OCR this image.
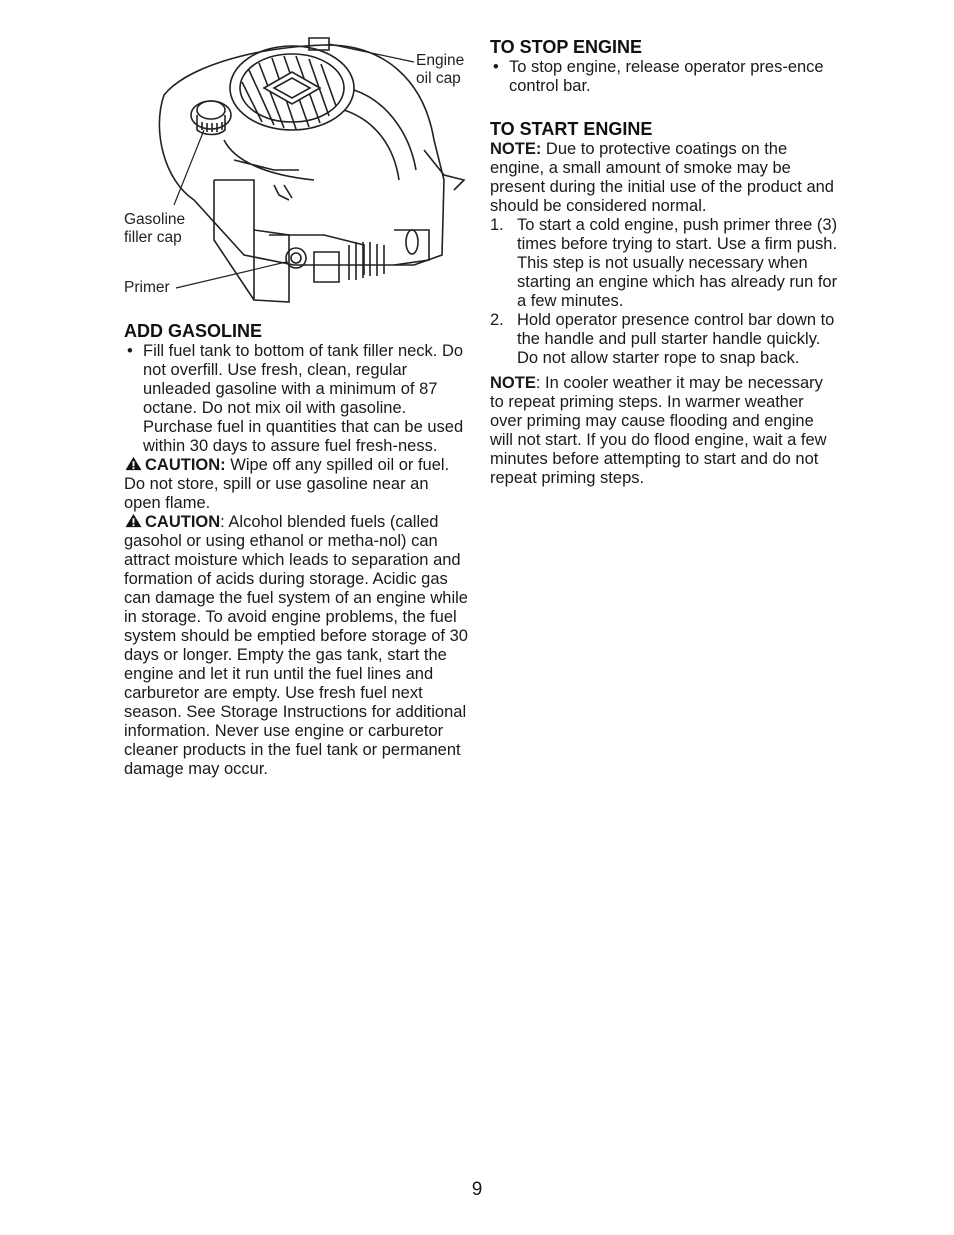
Engine
oil cap
Gasoline
filler cap
Primer
ADD GASOLINE

• Fill fuel tank to bottom of tank filler neck. Do not overfill. Use fresh, clean, regular unleaded gasoline with a minimum of 87 octane. Do not mix oil with gasoline. Purchase fuel in quantities that can be used within 30 days to assure fuel fresh-ness.

CAUTION: Wipe off any spilled oil or fuel. Do not store, spill or use gasoline near an open flame.

CAUTION: Alcohol blended fuels (called gasohol or using ethanol or metha-nol) can attract moisture which leads to separation and formation of acids during storage. Acidic gas can damage the fuel system of an engine while in storage. To avoid engine problems, the fuel system should be emptied before storage of 30 days or longer. Empty the gas tank, start the engine and let it run until the fuel lines and carburetor are empty. Use fresh fuel next season. See Storage Instructions for additional information. Never use engine or carburetor cleaner products in the fuel tank or permanent damage may occur.

TO STOP ENGINE

• To stop engine, release operator pres-ence control bar.

TO START ENGINE

NOTE: Due to protective coatings on the engine, a small amount of smoke may be present during the initial use of the product and should be considered normal.

1. To start a cold engine, push primer three (3) times before trying to start. Use a firm push. This step is not usually necessary when starting an engine which has already run for a few minutes.

2. Hold operator presence control bar down to the handle and pull starter handle quickly. Do not allow starter rope to snap back.

NOTE: In cooler weather it may be necessary to repeat priming steps. In warmer weather over priming may cause flooding and engine will not start. If you do flood engine, wait a few minutes before attempting to start and do not repeat priming steps.

9
